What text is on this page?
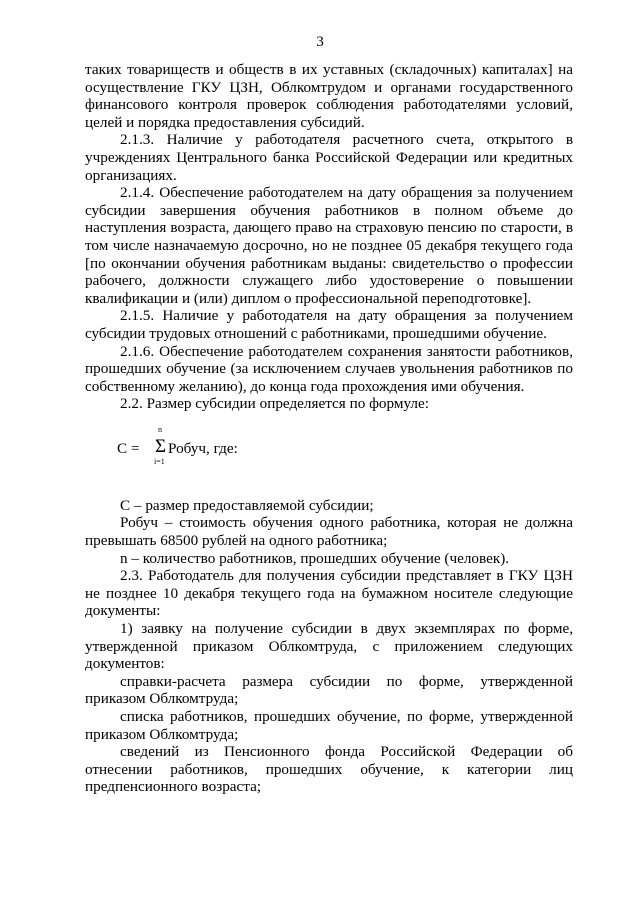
3

таких товариществ и обществ в их уставных (складочных) капиталах] на осуществление ГКУ ЦЗН, Облкомтрудом и органами государственного финансового контроля проверок соблюдения работодателями условий, целей и порядка предоставления субсидий.

2.1.3. Наличие у работодателя расчетного счета, открытого в учреждениях Центрального банка Российской Федерации или кредитных организациях.

2.1.4. Обеспечение работодателем на дату обращения за получением субсидии завершения обучения работников в полном объеме до наступления возраста, дающего право на страховую пенсию по старости, в том числе назначаемую досрочно, но не позднее 05 декабря текущего года [по окончании обучения работникам выданы: свидетельство о профессии рабочего, должности служащего либо удостоверение о повышении квалификации и (или) диплом о профессиональной переподготовке].

2.1.5. Наличие у работодателя на дату обращения за получением субсидии трудовых отношений с работниками, прошедшими обучение.

2.1.6. Обеспечение работодателем сохранения занятости работников, прошедших обучение (за исключением случаев увольнения работников по собственному желанию), до конца года прохождения ими обучения.

2.2. Размер субсидии определяется по формуле:

С =
n
Σ
i=1
Робуч, где:

С – размер предоставляемой субсидии;

Робуч – стоимость обучения одного работника, которая не должна превышать 68500 рублей на одного работника;

n – количество работников, прошедших обучение (человек).

2.3. Работодатель для получения субсидии представляет в ГКУ ЦЗН не позднее 10 декабря текущего года на бумажном носителе следующие документы:

1) заявку на получение субсидии в двух экземплярах по форме, утвержденной приказом Облкомтруда, с приложением следующих документов:

справки-расчета размера субсидии по форме, утвержденной приказом Облкомтруда;

списка работников, прошедших обучение, по форме, утвержденной приказом Облкомтруда;

сведений из Пенсионного фонда Российской Федерации об отнесении работников, прошедших обучение, к категории лиц предпенсионного возраста;
